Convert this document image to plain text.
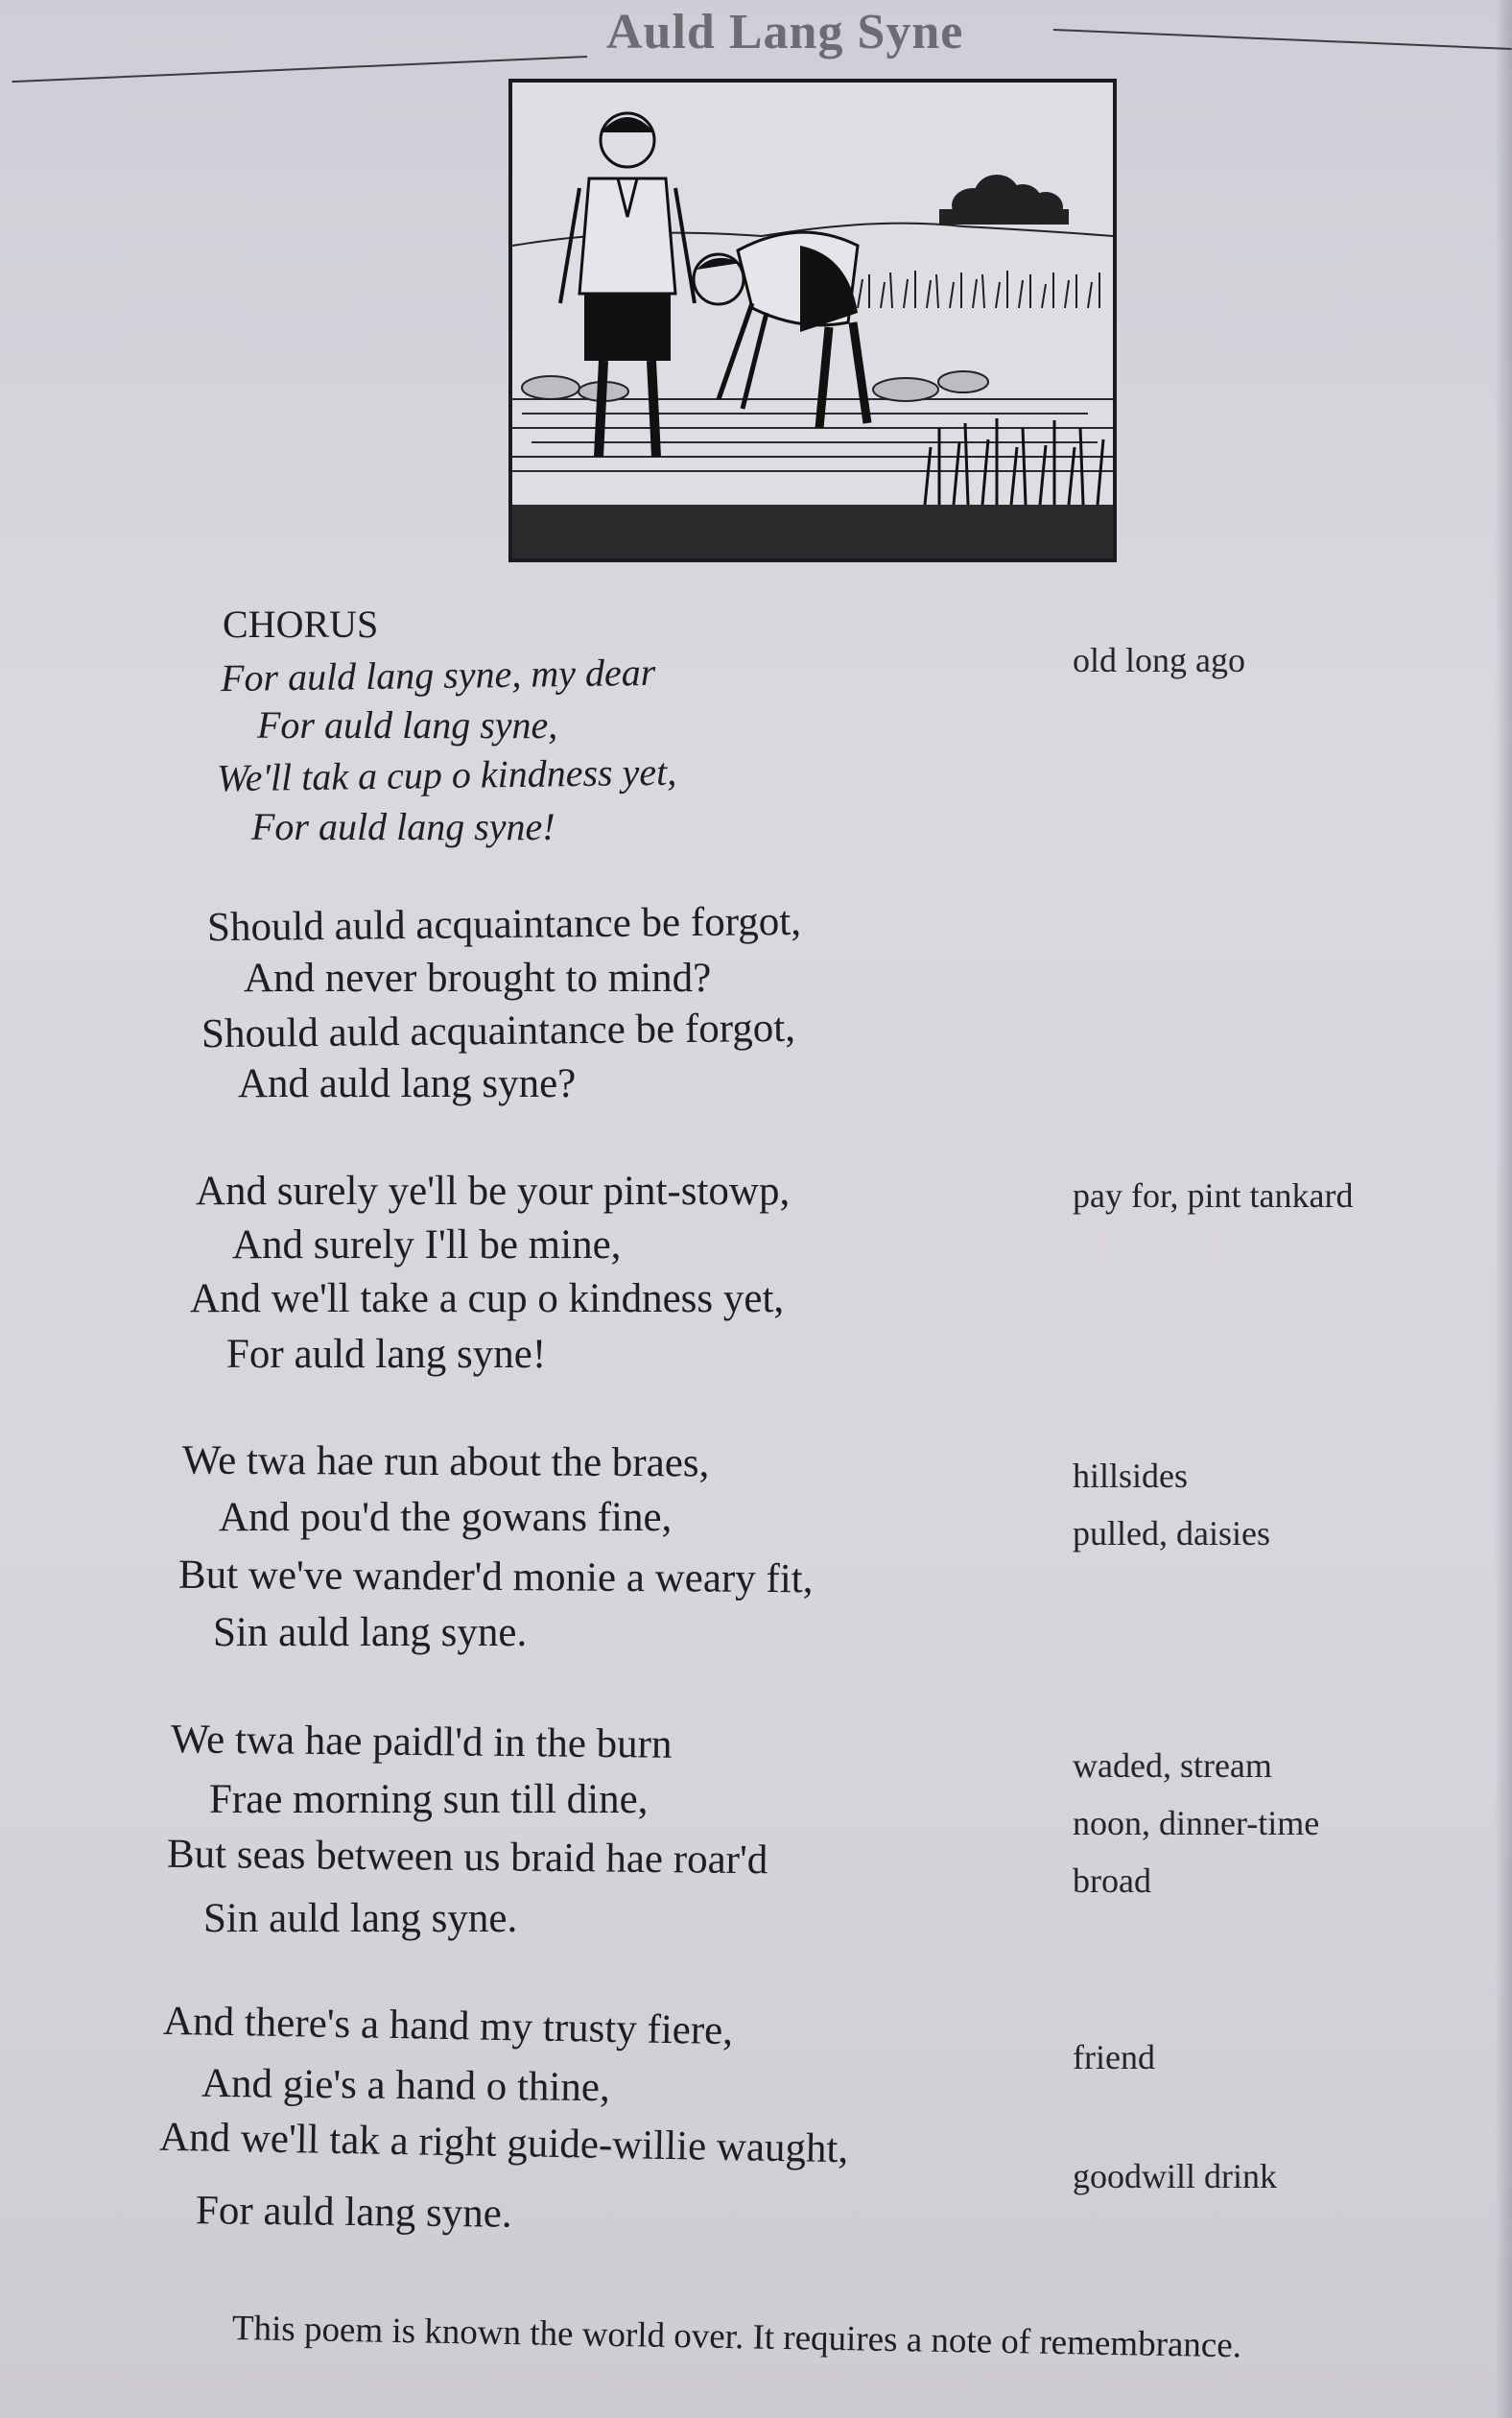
Auld Lang Syne
CHORUS
For auld lang syne, my dear
For auld lang syne,
We'll tak a cup o kindness yet,
For auld lang syne!
Should auld acquaintance be forgot,
And never brought to mind?
Should auld acquaintance be forgot,
And auld lang syne?
And surely ye'll be your pint-stowp,
And surely I'll be mine,
And we'll take a cup o kindness yet,
For auld lang syne!
We twa hae run about the braes,
And pou'd the gowans fine,
But we've wander'd monie a weary fit,
Sin auld lang syne.
We twa hae paidl'd in the burn
Frae morning sun till dine,
But seas between us braid hae roar'd
Sin auld lang syne.
And there's a hand my trusty fiere,
And gie's a hand o thine,
And we'll tak a right guide-willie waught,
For auld lang syne.
old long ago
pay for, pint tankard
hillsides
pulled, daisies
waded, stream
noon, dinner-time
broad
friend
goodwill drink
This poem is known the world over. It requires a note of remembrance.
